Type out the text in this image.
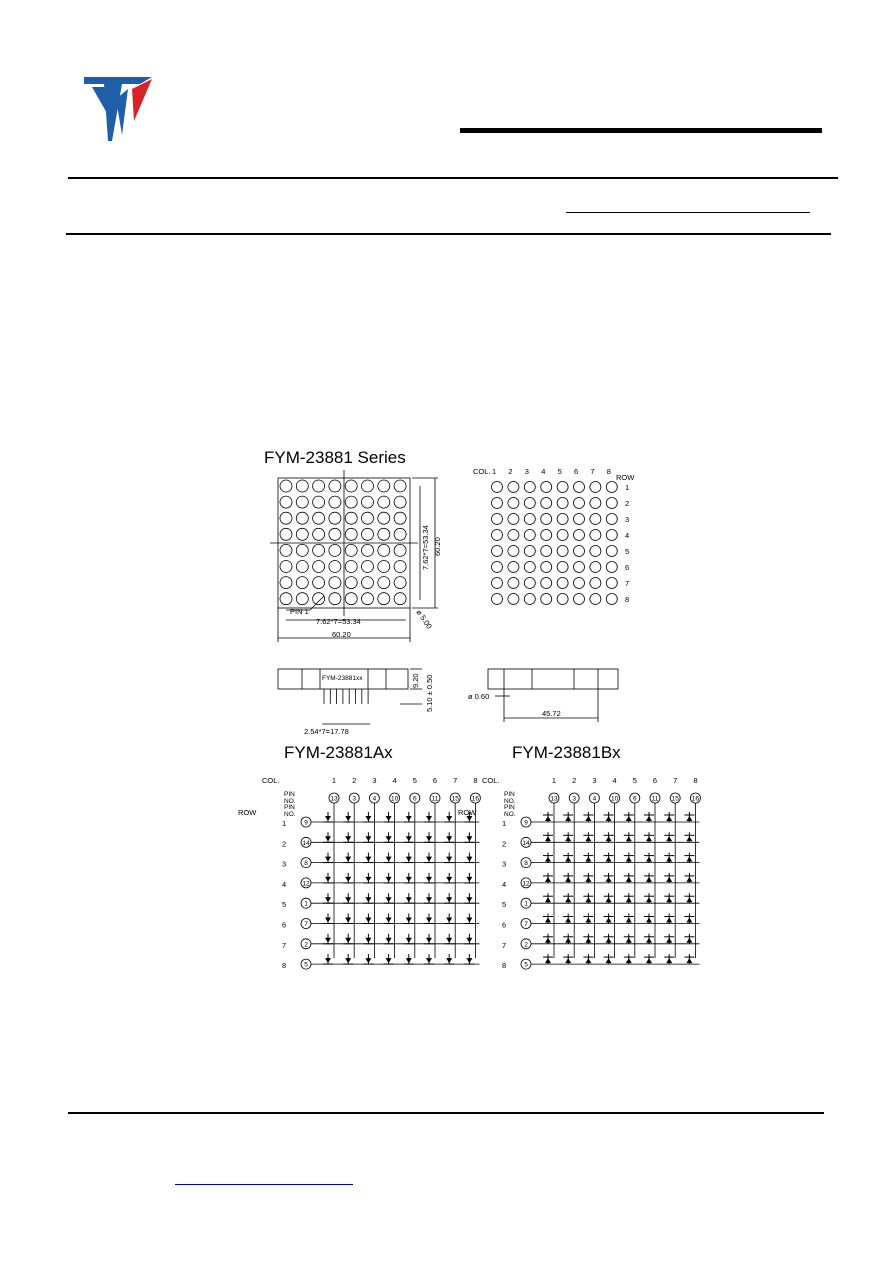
FYM-23881 Series
FYM-23881Ax	FYM-23881Bx
PIN 1
7.62*7=53.34
60.20
7.62*7=53.34 60.20
ø 5.00
COL. 1 2 3 4 5 6 7 8
ROW
1
2
3
4
5
6
7
8
FYM-23881xx	9.20 5.10 ± 0.50
2.54*7=17.78
ø 0.60
45.72
COL.
PIN
NO.
ROW
PIN
NO.
1 2 3 4 5 6 7 8
13 3	4 10 6 11 15 16
1
2
3
4
5
6
7
8
9
14
8
12
1
7
2
5
COL.
PIN
NO.
ROW
PIN
NO.
1 2 3 4 5 6 7 8
13 3	4 10 6 11 15 16
1
2
3
4
5
6
7
8
9
14
8
12
1
7
2
5
